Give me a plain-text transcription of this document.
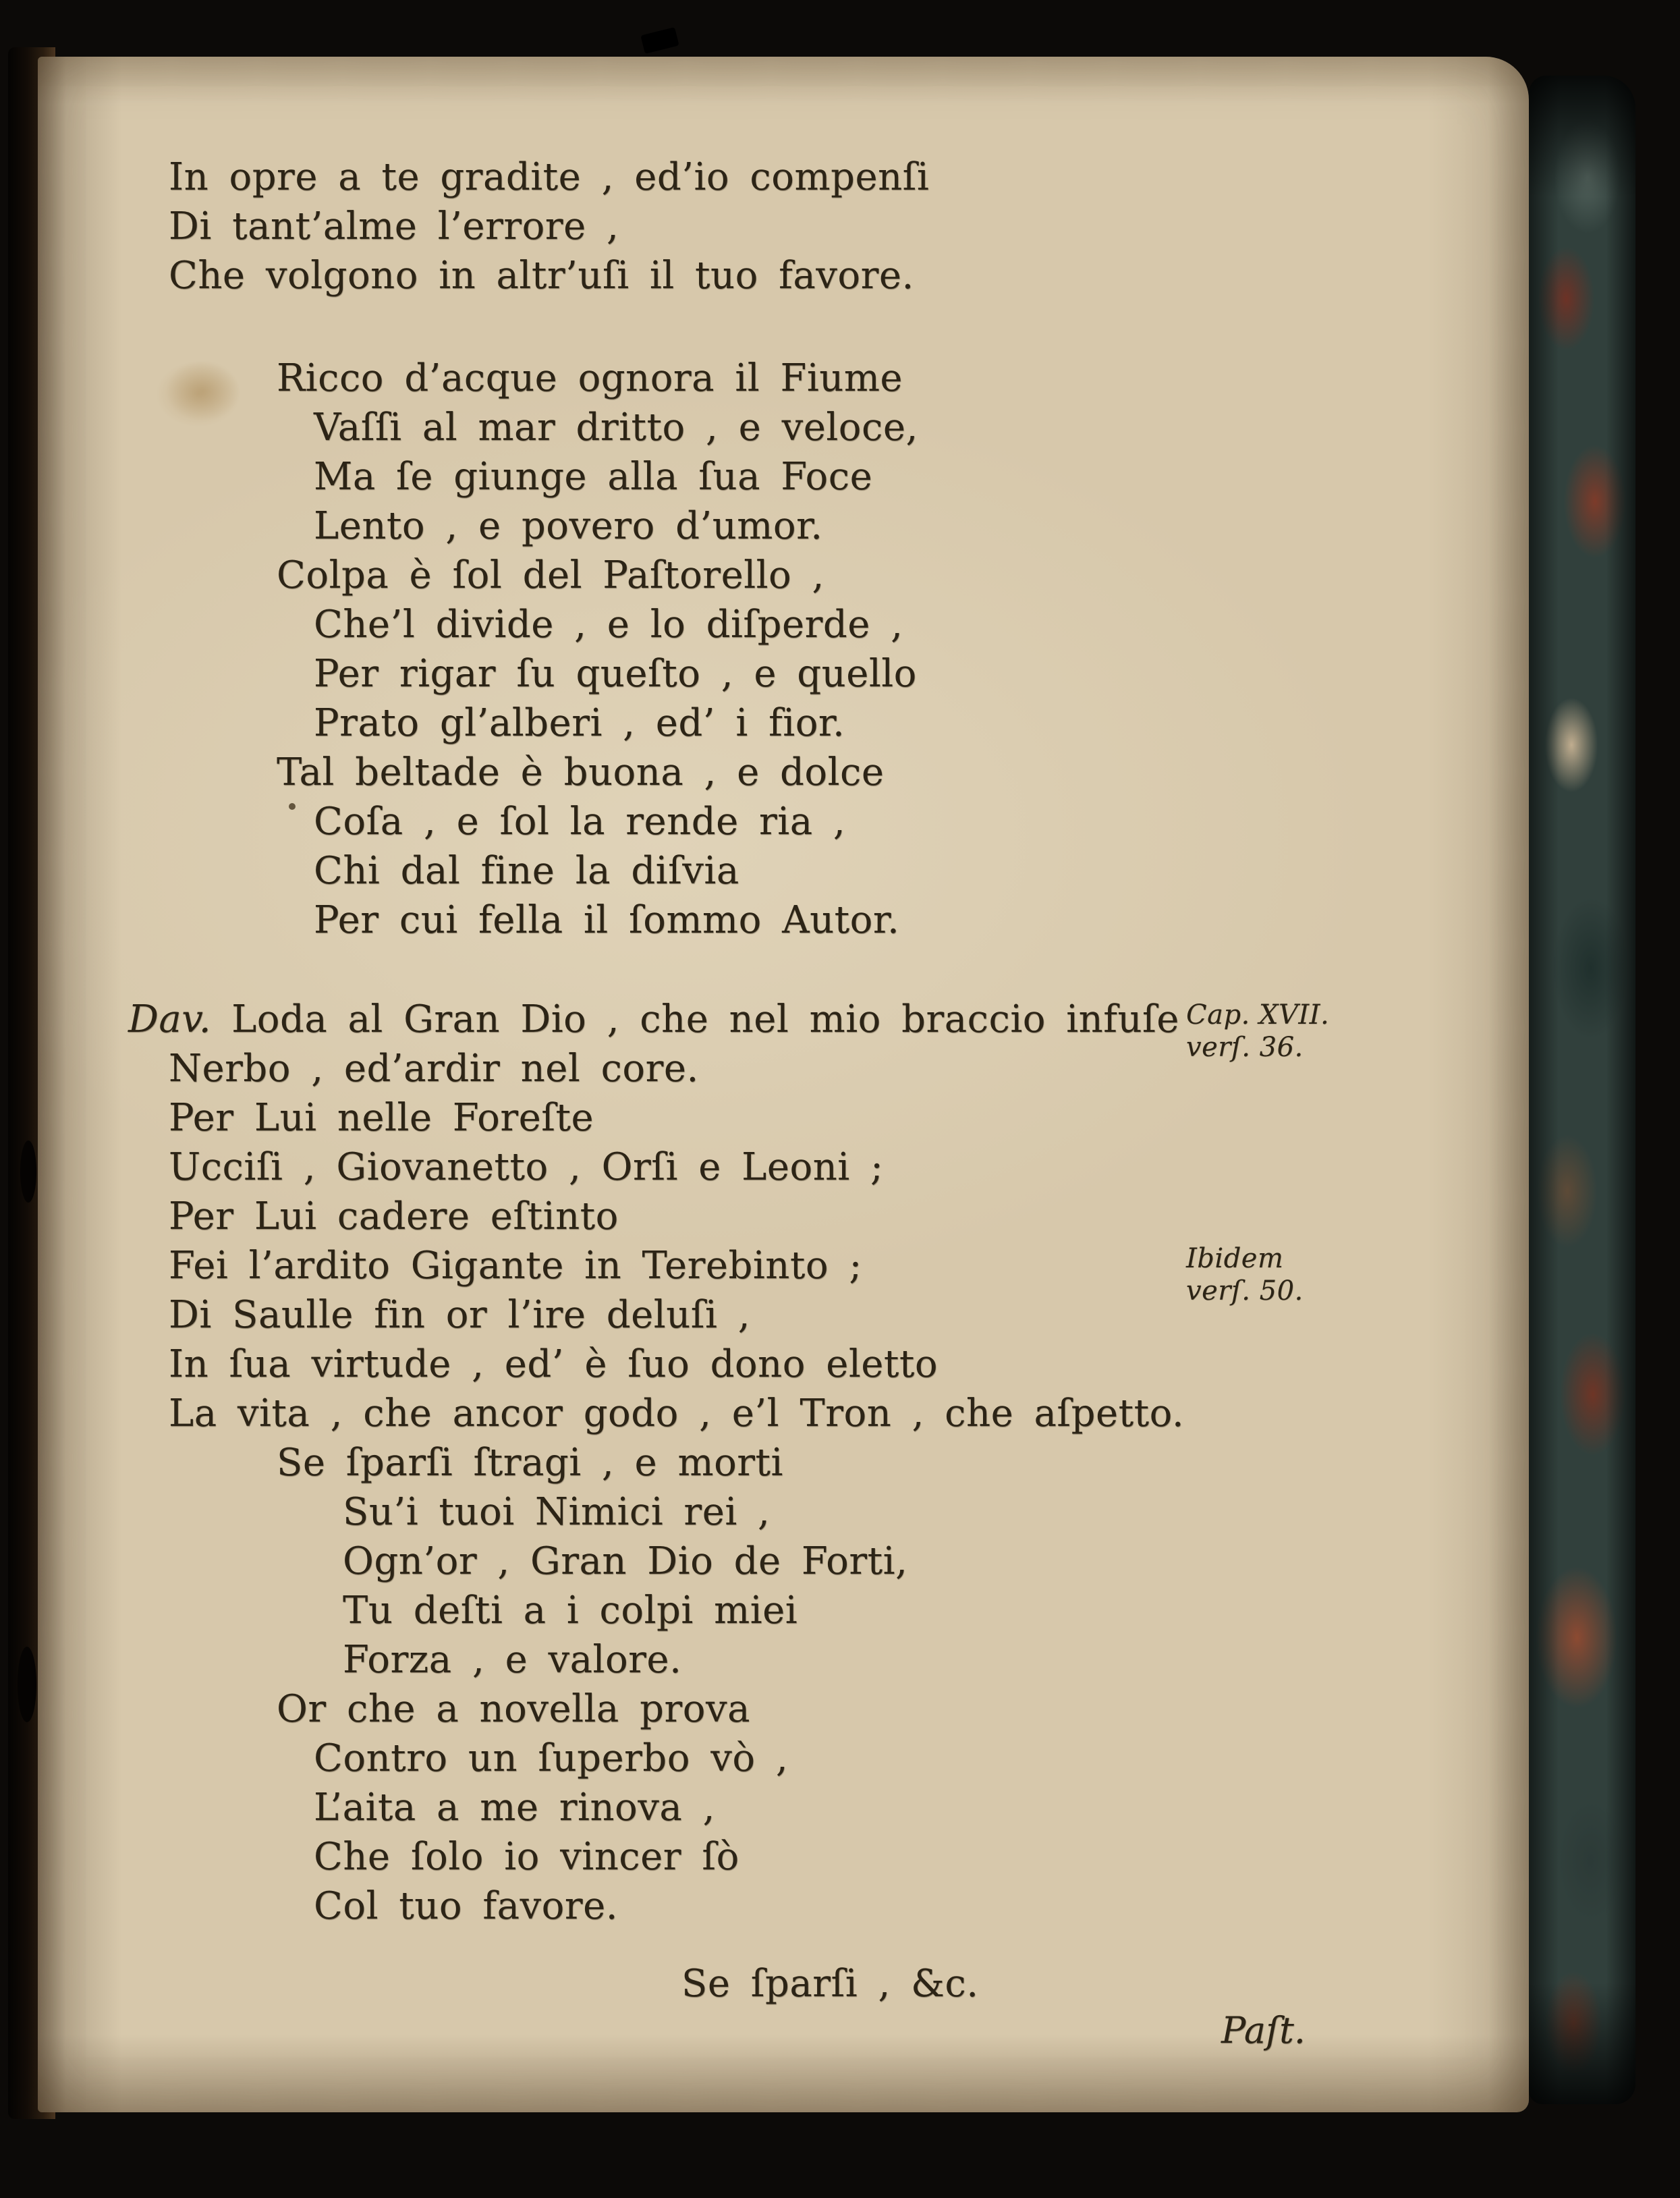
In opre a te gradite , ed’io compenſi
Di tant’alme l’errore ,
Che volgono in altr’uſi il tuo favore.
Ricco d’acque ognora il Fiume
Vaſſi al mar dritto , e veloce,
Ma ſe giunge alla ſua Foce
Lento , e povero d’umor.
Colpa è ſol del Paſtorello ,
Che’l divide , e lo diſperde ,
Per rigar ſu queſto , e quello
Prato gl’alberi , ed’ i fior.
Tal beltade è buona , e dolce
Coſa , e ſol la rende ria ,
Chi dal fine la diſvia
Per cui fella il ſommo Autor.
Dav. Loda al Gran Dio , che nel mio braccio infuſe
Nerbo , ed’ardir nel core.
Per Lui nelle Foreſte
Ucciſi , Giovanetto , Orſi e Leoni ;
Per Lui cadere eſtinto
Fei l’ardito Gigante in Terebinto ;
Di Saulle fin or l’ire deluſi ,
In ſua virtude , ed’ è ſuo dono eletto
La vita , che ancor godo , e’l Tron , che aſpetto.
Se ſparſi ſtragi , e morti
Su’i tuoi Nimici rei ,
Ogn’or , Gran Dio de Forti,
Tu deſti a i colpi miei
Forza , e valore.
Or che a novella prova
Contro un ſuperbo vò ,
L’aita a me rinova ,
Che ſolo io vincer ſò
Col tuo favore.
Se ſparſi , &c.
Cap. XVII.
verſ. 36.
Ibidem
verſ. 50.
Paſt.
